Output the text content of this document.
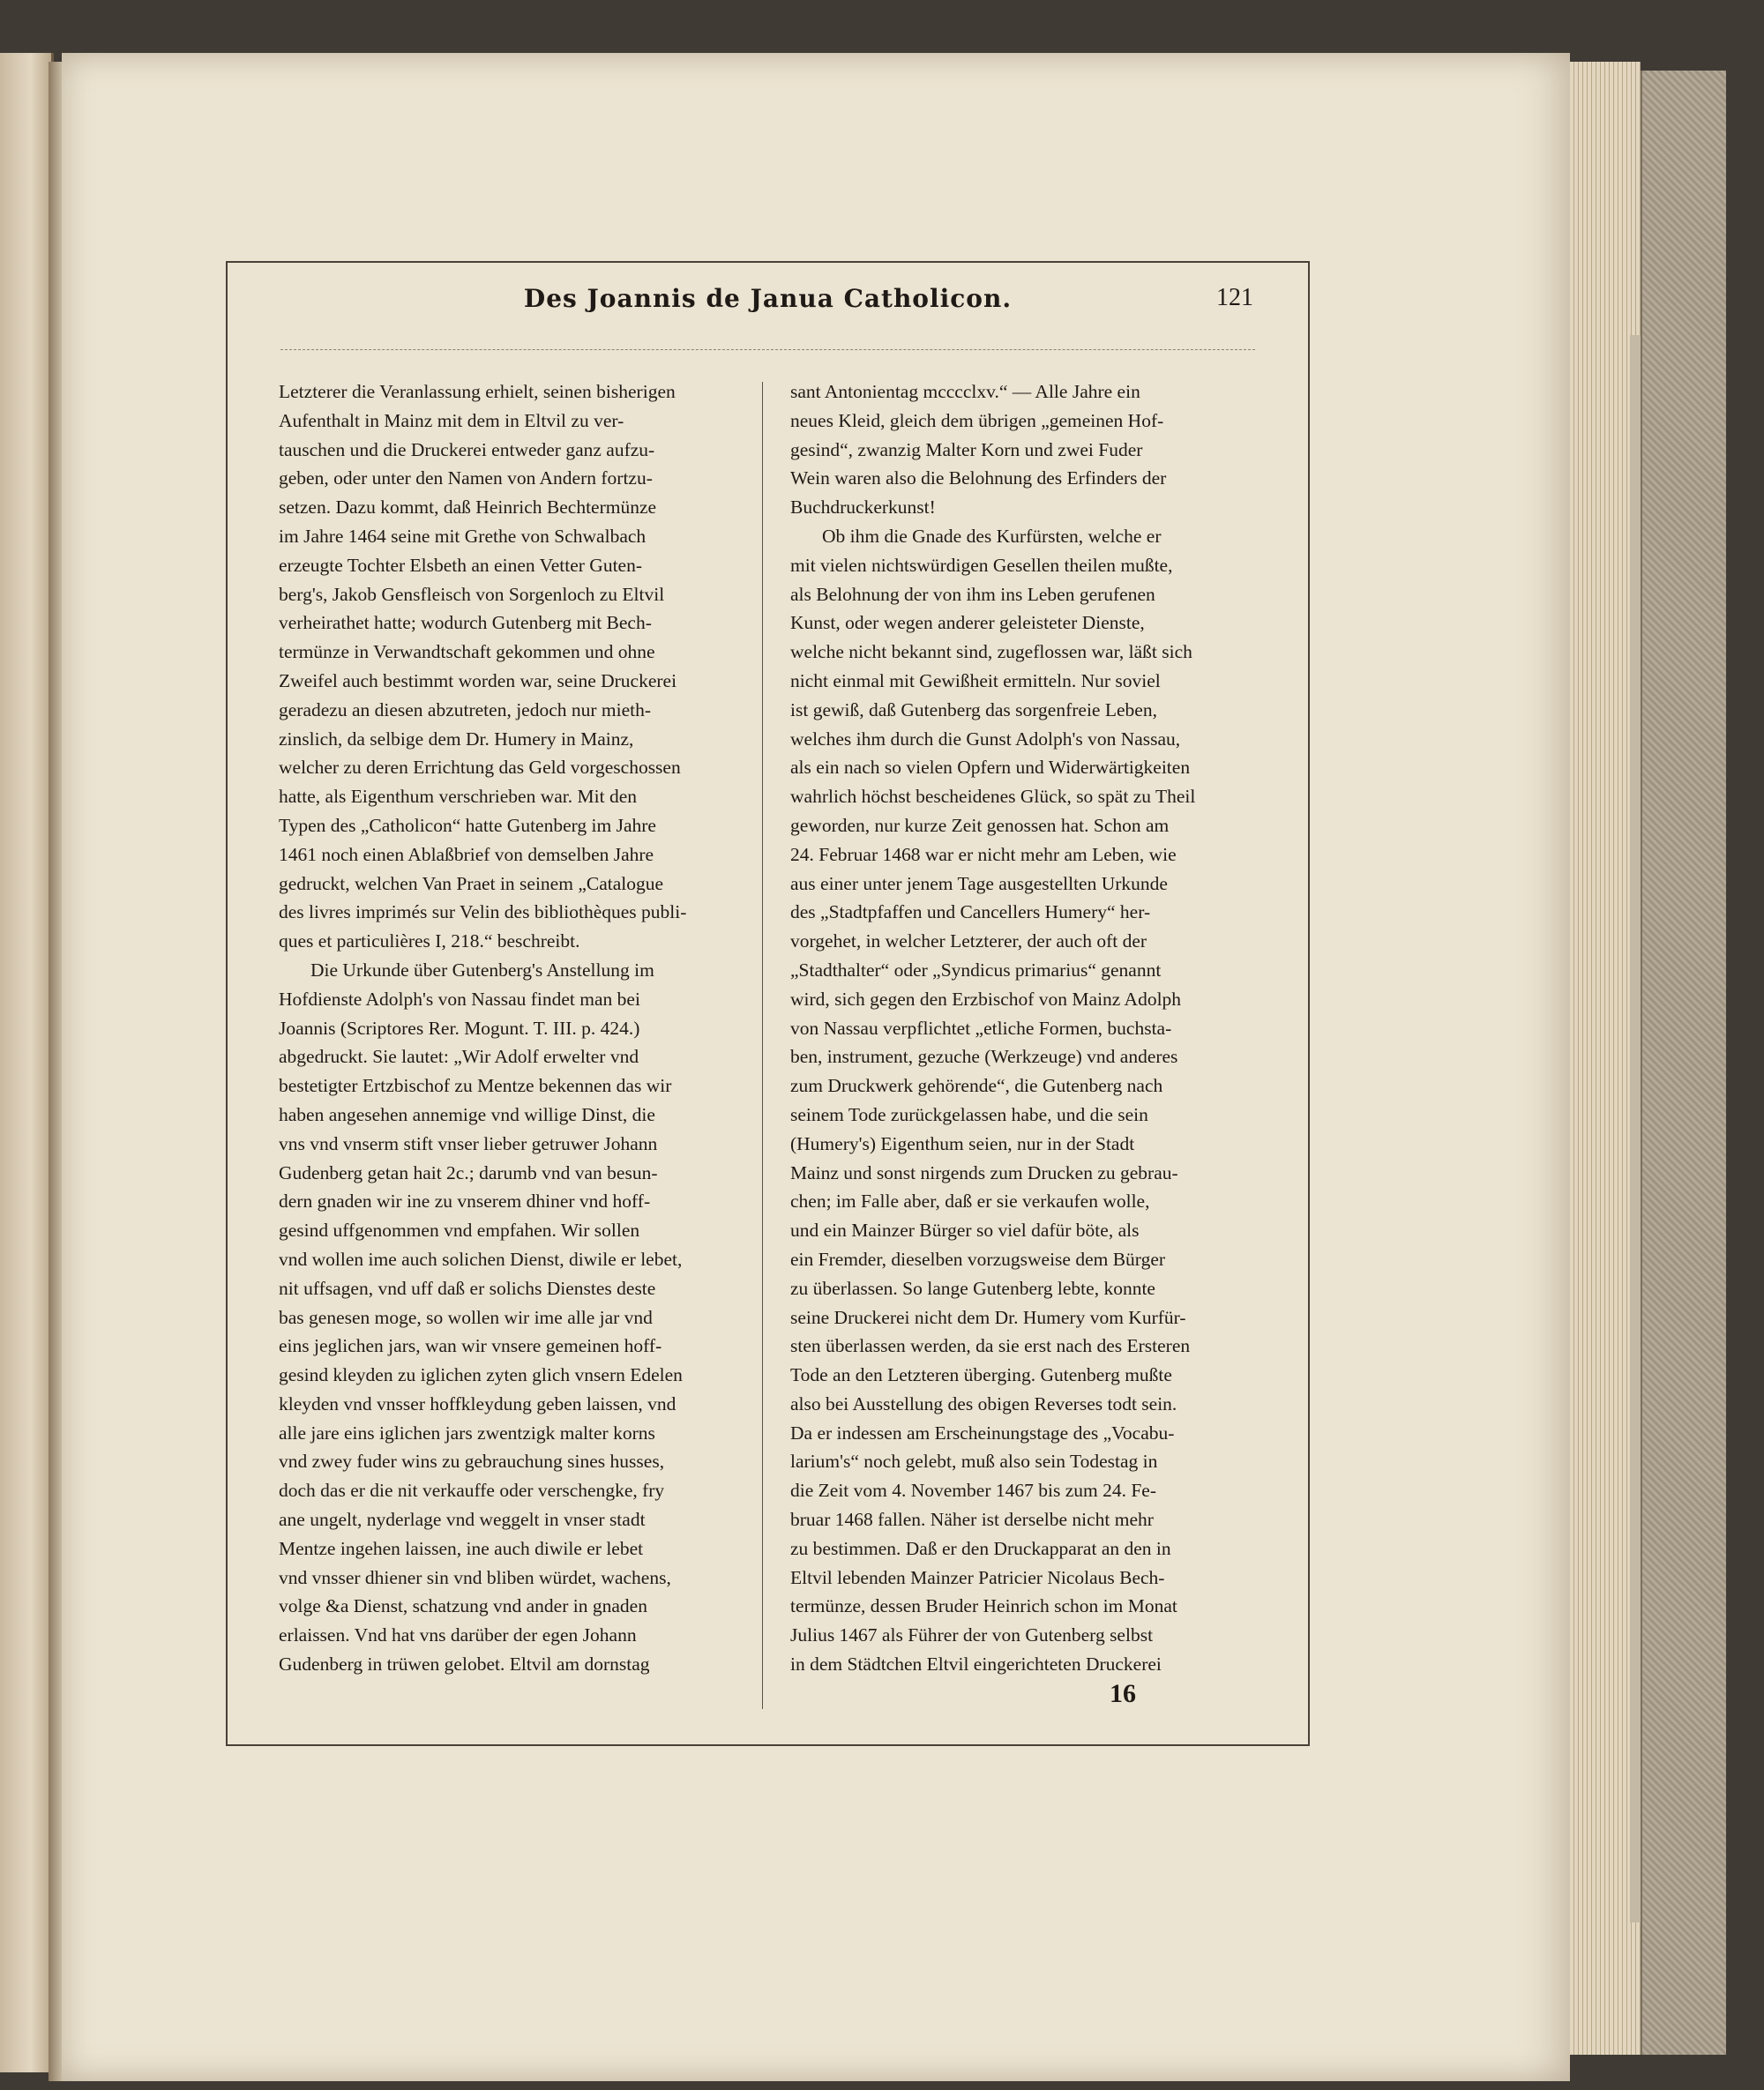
Des Joannis de Janua Catholicon.	121
Letzterer die Veranlassung erhielt, seinen bisherigen
Aufenthalt in Mainz mit dem in Eltvil zu ver-
tauschen und die Druckerei entweder ganz aufzu-
geben, oder unter den Namen von Andern fortzu-
setzen. Dazu kommt, daß Heinrich Bechtermünze
im Jahre 1464 seine mit Grethe von Schwalbach
erzeugte Tochter Elsbeth an einen Vetter Guten-
berg's, Jakob Gensfleisch von Sorgenloch zu Eltvil
verheirathet hatte; wodurch Gutenberg mit Bech-
termünze in Verwandtschaft gekommen und ohne
Zweifel auch bestimmt worden war, seine Druckerei
geradezu an diesen abzutreten, jedoch nur mieth-
zinslich, da selbige dem Dr. Humery in Mainz,
welcher zu deren Errichtung das Geld vorgeschossen
hatte, als Eigenthum verschrieben war. Mit den
Typen des „Catholicon“ hatte Gutenberg im Jahre
1461 noch einen Ablaßbrief von demselben Jahre
gedruckt, welchen Van Praet in seinem „Catalogue
des livres imprimés sur Velin des bibliothèques publi-
ques et particulières I, 218.“ beschreibt.
Die Urkunde über Gutenberg's Anstellung im
Hofdienste Adolph's von Nassau findet man bei
Joannis (Scriptores Rer. Mogunt. T. III. p. 424.)
abgedruckt. Sie lautet: „Wir Adolf erwelter vnd
bestetigter Ertzbischof zu Mentze bekennen das wir
haben angesehen annemige vnd willige Dinst, die
vns vnd vnserm stift vnser lieber getruwer Johann
Gudenberg getan hait 2c.; darumb vnd van besun-
dern gnaden wir ine zu vnserem dhiner vnd hoff-
gesind uffgenommen vnd empfahen. Wir sollen
vnd wollen ime auch solichen Dienst, diwile er lebet,
nit uffsagen, vnd uff daß er solichs Dienstes deste
bas genesen moge, so wollen wir ime alle jar vnd
eins jeglichen jars, wan wir vnsere gemeinen hoff-
gesind kleyden zu iglichen zyten glich vnsern Edelen
kleyden vnd vnsser hoffkleydung geben laissen, vnd
alle jare eins iglichen jars zwentzigk malter korns
vnd zwey fuder wins zu gebrauchung sines husses,
doch das er die nit verkauffe oder verschengke, fry
ane ungelt, nyderlage vnd weggelt in vnser stadt
Mentze ingehen laissen, ine auch diwile er lebet
vnd vnsser dhiener sin vnd bliben würdet, wachens,
volge &a Dienst, schatzung vnd ander in gnaden
erlaissen. Vnd hat vns darüber der egen Johann
Gudenberg in trüwen gelobet. Eltvil am dornstag
sant Antonientag mcccclxv.“ — Alle Jahre ein
neues Kleid, gleich dem übrigen „gemeinen Hof-
gesind“, zwanzig Malter Korn und zwei Fuder
Wein waren also die Belohnung des Erfinders der
Buchdruckerkunst!
Ob ihm die Gnade des Kurfürsten, welche er
mit vielen nichtswürdigen Gesellen theilen mußte,
als Belohnung der von ihm ins Leben gerufenen
Kunst, oder wegen anderer geleisteter Dienste,
welche nicht bekannt sind, zugeflossen war, läßt sich
nicht einmal mit Gewißheit ermitteln. Nur soviel
ist gewiß, daß Gutenberg das sorgenfreie Leben,
welches ihm durch die Gunst Adolph's von Nassau,
als ein nach so vielen Opfern und Widerwärtigkeiten
wahrlich höchst bescheidenes Glück, so spät zu Theil
geworden, nur kurze Zeit genossen hat. Schon am
24. Februar 1468 war er nicht mehr am Leben, wie
aus einer unter jenem Tage ausgestellten Urkunde
des „Stadtpfaffen und Cancellers Humery“ her-
vorgehet, in welcher Letzterer, der auch oft der
„Stadthalter“ oder „Syndicus primarius“ genannt
wird, sich gegen den Erzbischof von Mainz Adolph
von Nassau verpflichtet „etliche Formen, buchsta-
ben, instrument, gezuche (Werkzeuge) vnd anderes
zum Druckwerk gehörende“, die Gutenberg nach
seinem Tode zurückgelassen habe, und die sein
(Humery's) Eigenthum seien, nur in der Stadt
Mainz und sonst nirgends zum Drucken zu gebrau-
chen; im Falle aber, daß er sie verkaufen wolle,
und ein Mainzer Bürger so viel dafür böte, als
ein Fremder, dieselben vorzugsweise dem Bürger
zu überlassen. So lange Gutenberg lebte, konnte
seine Druckerei nicht dem Dr. Humery vom Kurfür-
sten überlassen werden, da sie erst nach des Ersteren
Tode an den Letzteren überging. Gutenberg mußte
also bei Ausstellung des obigen Reverses todt sein.
Da er indessen am Erscheinungstage des „Vocabu-
larium's“ noch gelebt, muß also sein Todestag in
die Zeit vom 4. November 1467 bis zum 24. Fe-
bruar 1468 fallen. Näher ist derselbe nicht mehr
zu bestimmen. Daß er den Druckapparat an den in
Eltvil lebenden Mainzer Patricier Nicolaus Bech-
termünze, dessen Bruder Heinrich schon im Monat
Julius 1467 als Führer der von Gutenberg selbst
in dem Städtchen Eltvil eingerichteten Druckerei
16
